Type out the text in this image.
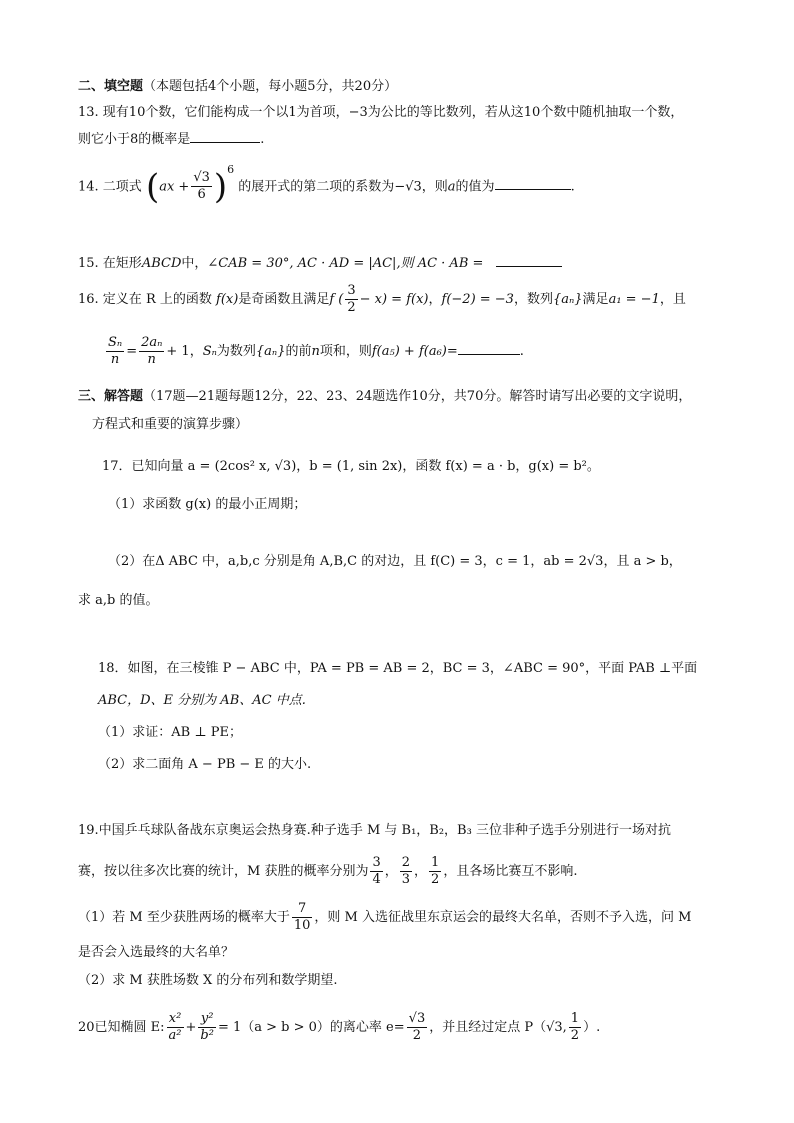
二、填空题（本题包括4个小题，每小题5分，共20分）
13. 现有10个数，它们能构成一个以1为首项，−3为公比的等比数列，若从这10个数中随机抽取一个数，
则它小于8的概率是	.
14. 二项式 $(ax + \frac{√3}{6} )^6$ 的展开式的第二项的系数为−√3，则a的值为	.
15. 在矩形ABCD中，∠CAB = 30°, AC · AD = |AC|,则 AC · AB =
16. 定义在 R 上的函数 f(x)是奇函数且满足f ( $\frac{3}{2} - x) = f(x)$，f(−2) = −3，数列{aₙ}满足a₁ = −1，且
$\frac{\text{Sₙ}}{n} = \frac{\text{2aₙ}}{n} + 1$，Sₙ为数列{aₙ}的前n项和，则f(a₅) + f(a₆)=	.
三、解答题（17题—21题每题12分，22、23、24题选作10分，共70分。解答时请写出必要的文字说明，
方程式和重要的演算步骤）
17．已知向量 a = (2cos² x, √3)，b = (1, sin 2x)，函数 f(x) = a · b，g(x) = b²。
（1）求函数 g(x) 的最小正周期；
（2）在Δ ABC 中，a,b,c 分别是角 A,B,C 的对边，且 f(C) = 3，c = 1，ab = 2√3，且 a > b，
求 a,b 的值。
18．如图，在三棱锥 P − ABC 中，PA = PB = AB = 2，BC = 3，∠ABC = 90°，平面 PAB ⊥平面
ABC，D、E 分别为 AB、AC 中点.
（1）求证：AB ⊥ PE；
（2）求二面角 A − PB − E 的大小.
19.中国乒乓球队备战东京奥运会热身赛.种子选手 M 与 B₁，B₂，B₃ 三位非种子选手分别进行一场对抗
赛，按以往多次比赛的统计，M 获胜的概率分别为 $\frac{3}{4}$ ， $\frac{2}{3}$ ， $\frac{1}{2}$ ，且各场比赛互不影响.
（1）若 M 至少获胜两场的概率大于 $\frac{7}{10}$ ，则 M 入选征战里东京运会的最终大名单，否则不予入选，问 M
是否会入选最终的大名单？
（2）求 M 获胜场数 X 的分布列和数学期望.
20已知椭圆 E: $\frac{\text{x²}}{\text{a²}} + \frac{\text{y²}}{\text{b²}} = 1(a > b > 0)$的离心率 $e= \frac{√3}{2}$ ，并且经过定点 P（√3, $\frac{1}{2}$ ）.
